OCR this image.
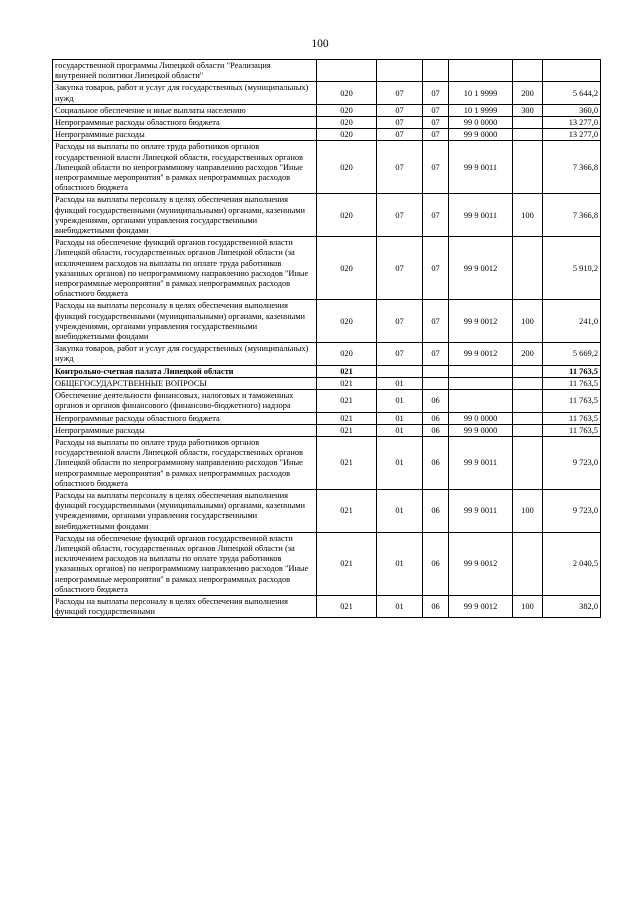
100
государственной программы Липецкой области "Реализация внутренней политики Липецкой области"						
Закупка товаров, работ и услуг для государственных (муниципальных) нужд	020	07	07	10 1 9999	200	5 644,2
Социальное обеспечение и иные выплаты населению	020	07	07	10 1 9999	300	360,0
Непрограммные расходы областного бюджета	020	07	07	99 0 0000		13 277,0
Непрограммные расходы	020	07	07	99 9 0000		13 277,0
Расходы на выплаты по оплате труда работников органов государственной власти Липецкой области, государственных органов Липецкой области по непрограммному направлению расходов "Иные непрограммные мероприятия" в рамках непрограммных расходов областного бюджета	020	07	07	99 9 0011		7 366,8
Расходы на выплаты персоналу в целях обеспечения выполнения функций государственными (муниципальными) органами, казенными учреждениями, органами управления государственными внебюджетными фондами	020	07	07	99 9 0011	100	7 366,8
Расходы на обеспечение функций органов государственной власти Липецкой области, государственных органов Липецкой области (за исключением расходов на выплаты по оплате труда работников указанных органов) по непрограммному направлению расходов "Иные непрограммные мероприятия" в рамках непрограммных расходов областного бюджета	020	07	07	99 9 0012		5 910,2
Расходы на выплаты персоналу в целях обеспечения выполнения функций государственными (муниципальными) органами, казенными учреждениями, органами управления государственными внебюджетными фондами	020	07	07	99 9 0012	100	241,0
Закупка товаров, работ и услуг для государственных (муниципальных) нужд	020	07	07	99 9 0012	200	5 669,2
Контрольно-счетная палата Липецкой области	021					11 763,5
ОБЩЕГОСУДАРСТВЕННЫЕ ВОПРОСЫ	021	01				11 763,5
Обеспечение деятельности финансовых, налоговых и таможенных органов и органов финансового (финансово-бюджетного) надзора	021	01	06			11 763,5
Непрограммные расходы областного бюджета	021	01	06	99 0 0000		11 763,5
Непрограммные расходы	021	01	06	99 9 0000		11 763,5
Расходы на выплаты по оплате труда работников органов государственной власти Липецкой области, государственных органов Липецкой области по непрограммному направлению расходов "Иные непрограммные мероприятия" в рамках непрограммных расходов областного бюджета	021	01	06	99 9 0011		9 723,0
Расходы на выплаты персоналу в целях обеспечения выполнения функций государственными (муниципальными) органами, казенными учреждениями, органами управления государственными внебюджетными фондами	021	01	06	99 9 0011	100	9 723,0
Расходы на обеспечение функций органов государственной власти Липецкой области, государственных органов Липецкой области (за исключением расходов на выплаты по оплате труда работников указанных органов) по непрограммному направлению расходов "Иные непрограммные мероприятия" в рамках непрограммных расходов областного бюджета	021	01	06	99 9 0012		2 040,5
Расходы на выплаты персоналу в целях обеспечения выполнения функций государственными	021	01	06	99 9 0012	100	382,0
